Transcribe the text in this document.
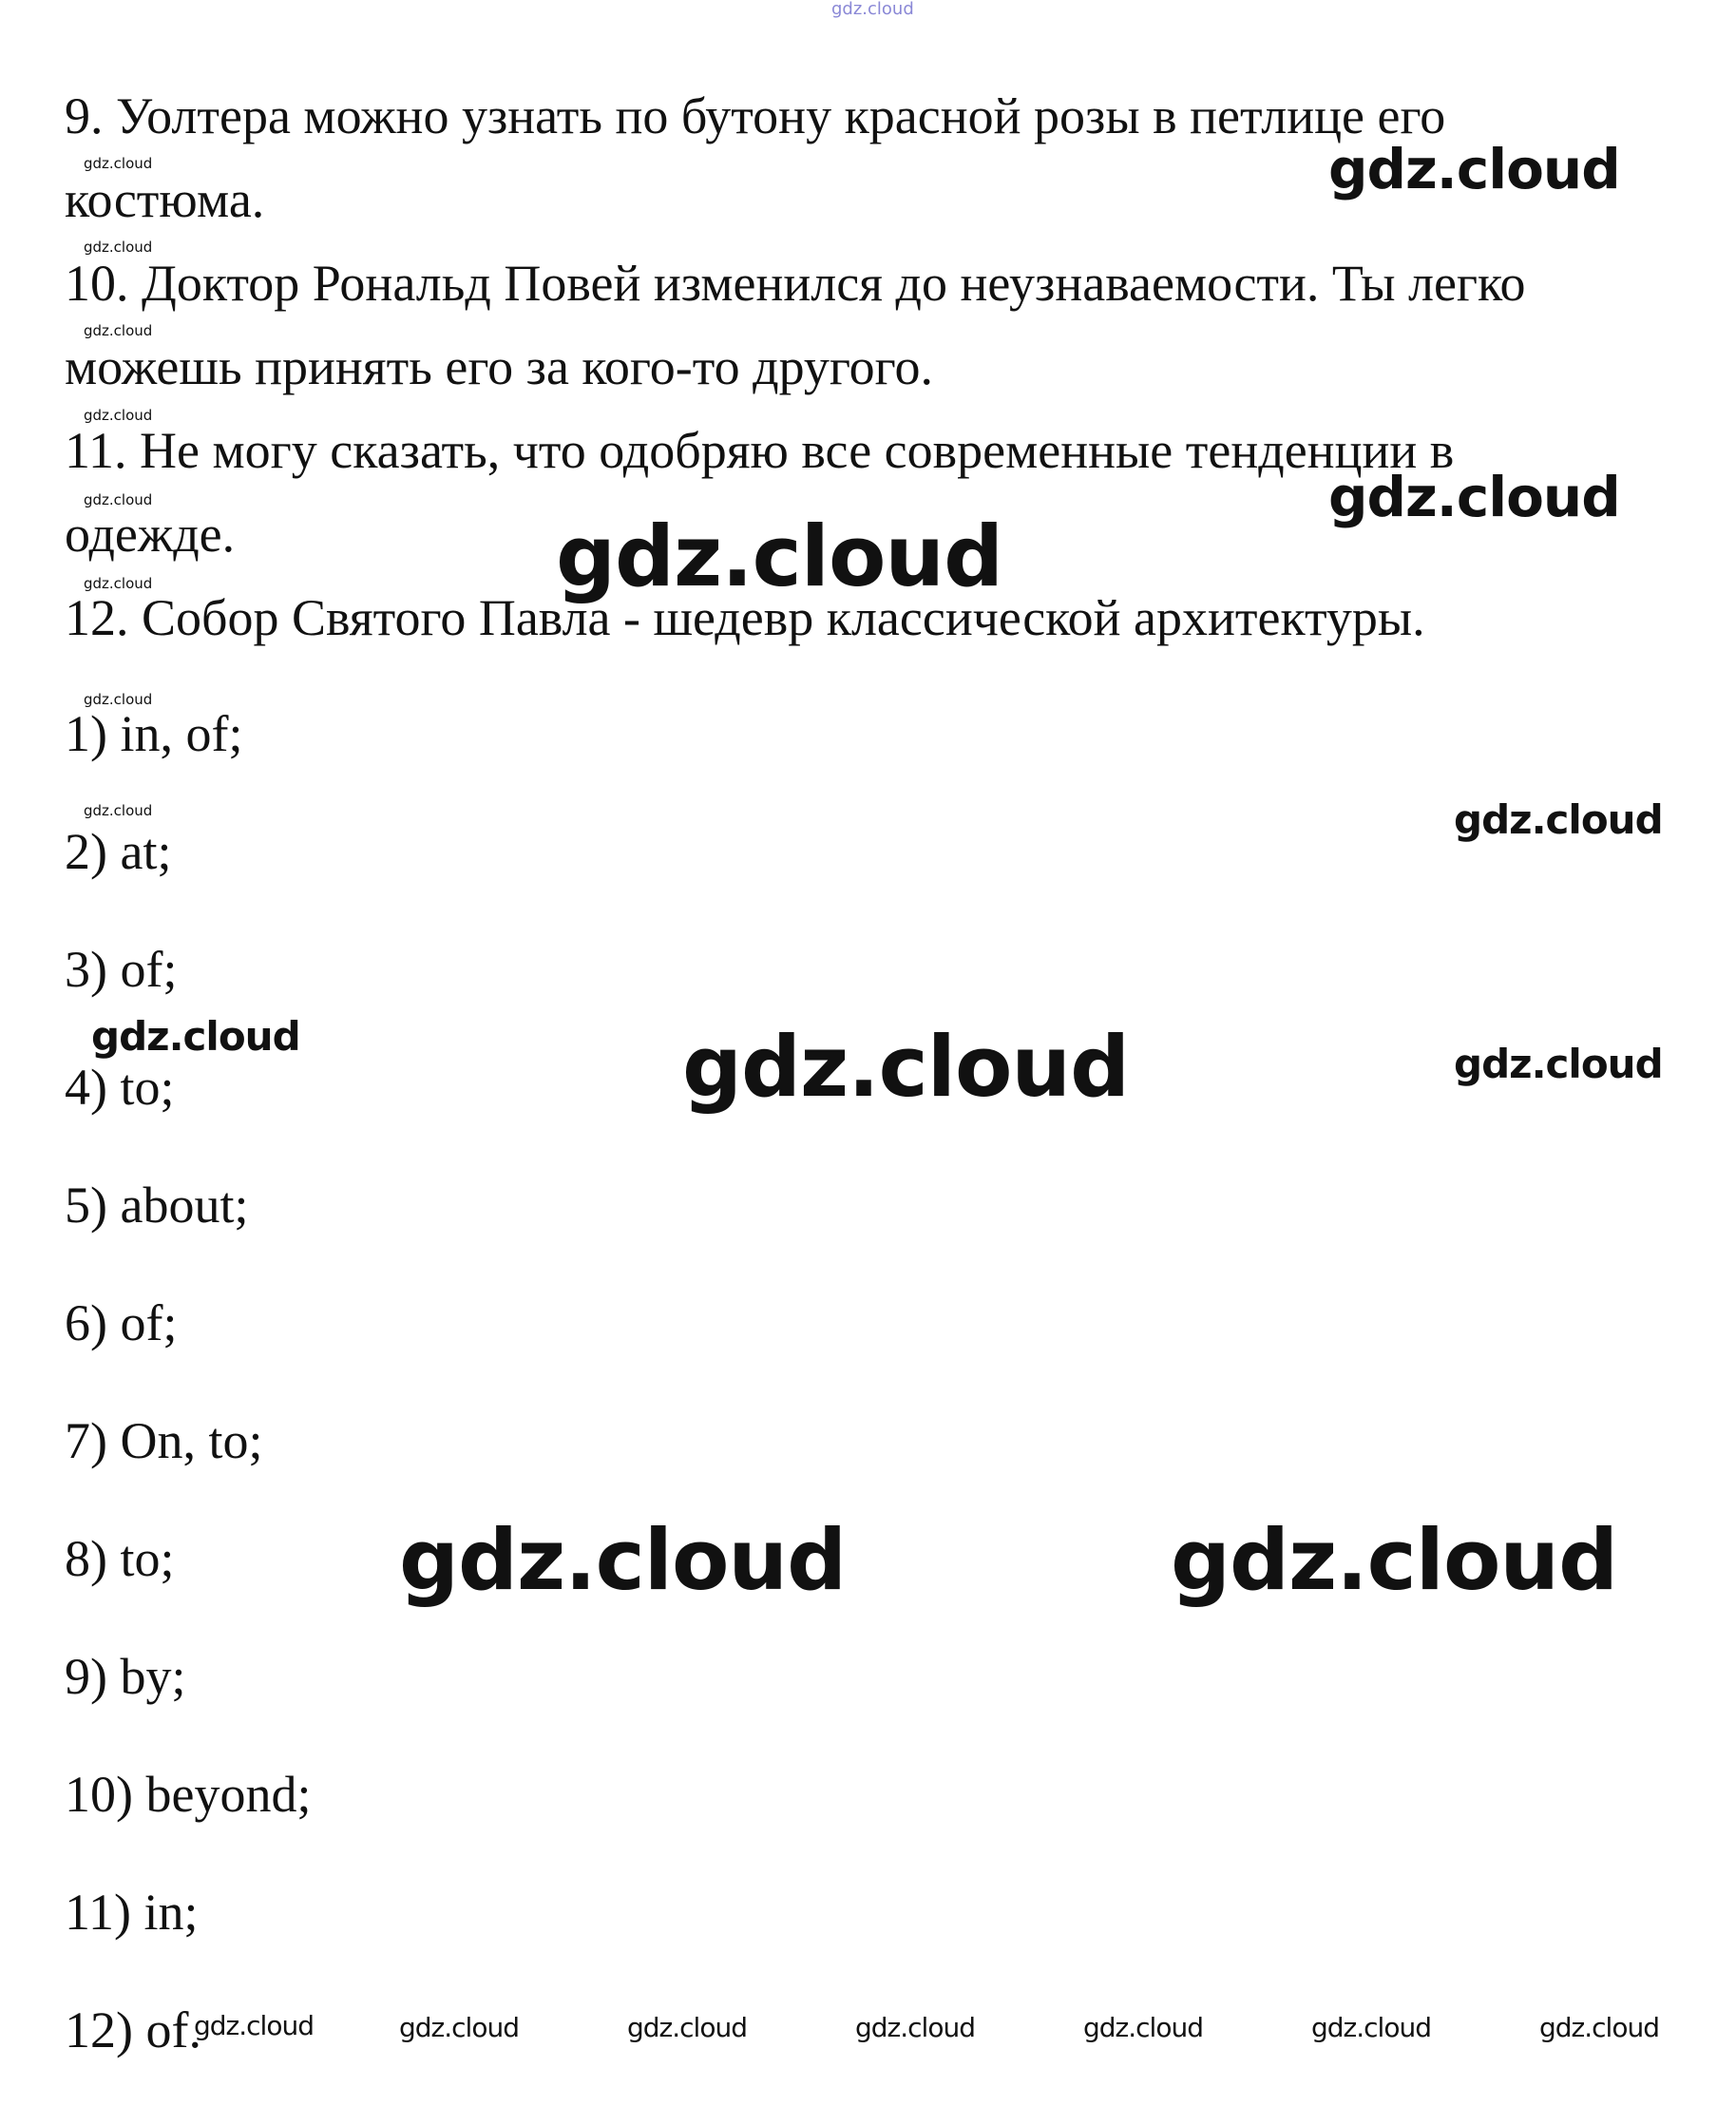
gdz.cloud

9. Уолтера можно узнать по бутону красной розы в петлице его

костюма.

10. Доктор Рональд Повей изменился до неузнаваемости. Ты легко

можешь принять его за кого-то другого.

11. Не могу сказать, что одобряю все современные тенденции в

одежде.

12. Собор Святого Павла - шедевр классической архитектуры.

1) in, of;

2) at;

3) of;

4) to;

5) about;

6) of;

7) On, to;

8) to;

9) by;

10) beyond;

11) in;

12) of.

gdz.cloud
gdz.cloud
gdz.cloud
gdz.cloud
gdz.cloud
gdz.cloud
gdz.cloud
gdz.cloud
gdz.cloud
gdz.cloud
gdz.cloud
gdz.cloud
gdz.cloud
gdz.cloud
gdz.cloud
gdz.cloud	gdz.cloud
gdz.cloud	gdz.cloud	gdz.cloud	gdz.cloud	gdz.cloud	gdz.cloud	gdz.cloud
